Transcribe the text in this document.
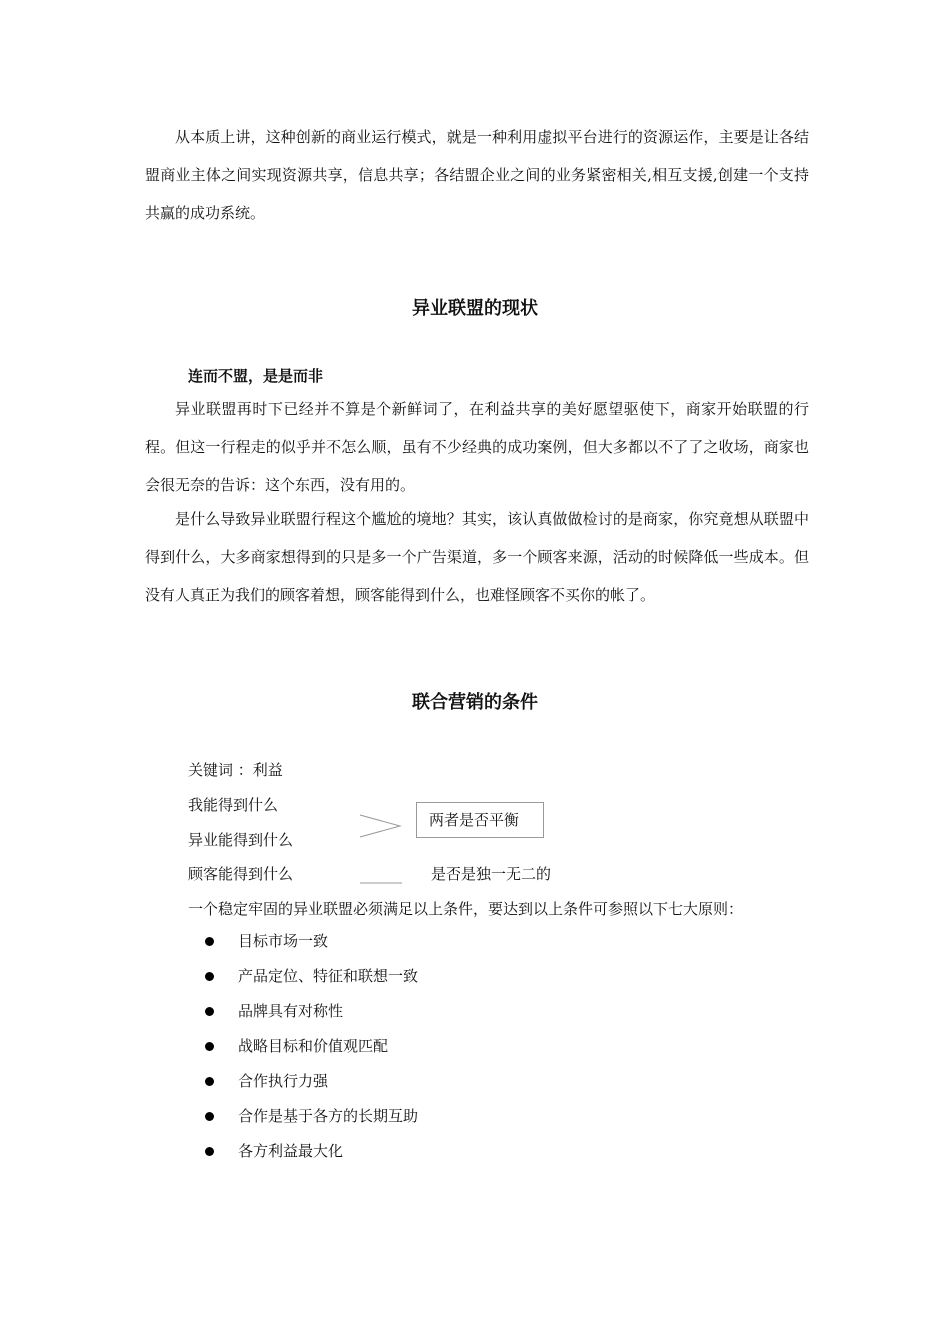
从本质上讲，这种创新的商业运行模式，就是一种利用虚拟平台进行的资源运作，主要是让各结盟商业主体之间实现资源共享，信息共享；各结盟企业之间的业务紧密相关,相互支援,创建一个支持共赢的成功系统。

异业联盟的现状
连而不盟，是是而非

异业联盟再时下已经并不算是个新鲜词了，在利益共享的美好愿望驱使下，商家开始联盟的行程。但这一行程走的似乎并不怎么顺，虽有不少经典的成功案例，但大多都以不了了之收场，商家也会很无奈的告诉：这个东西，没有用的。

是什么导致异业联盟行程这个尴尬的境地？其实，该认真做做检讨的是商家，你究竟想从联盟中得到什么，大多商家想得到的只是多一个广告渠道，多一个顾客来源，活动的时候降低一些成本。但没有人真正为我们的顾客着想，顾客能得到什么，也难怪顾客不买你的帐了。

联合营销的条件
关键词 ：利益
我能得到什么
异业能得到什么
顾客能得到什么
两者是否平衡
是否是独一无二的
一个稳定牢固的异业联盟必须满足以上条件，要达到以上条件可参照以下七大原则：
目标市场一致
产品定位、特征和联想一致
品牌具有对称性
战略目标和价值观匹配
合作执行力强
合作是基于各方的长期互助
各方利益最大化
